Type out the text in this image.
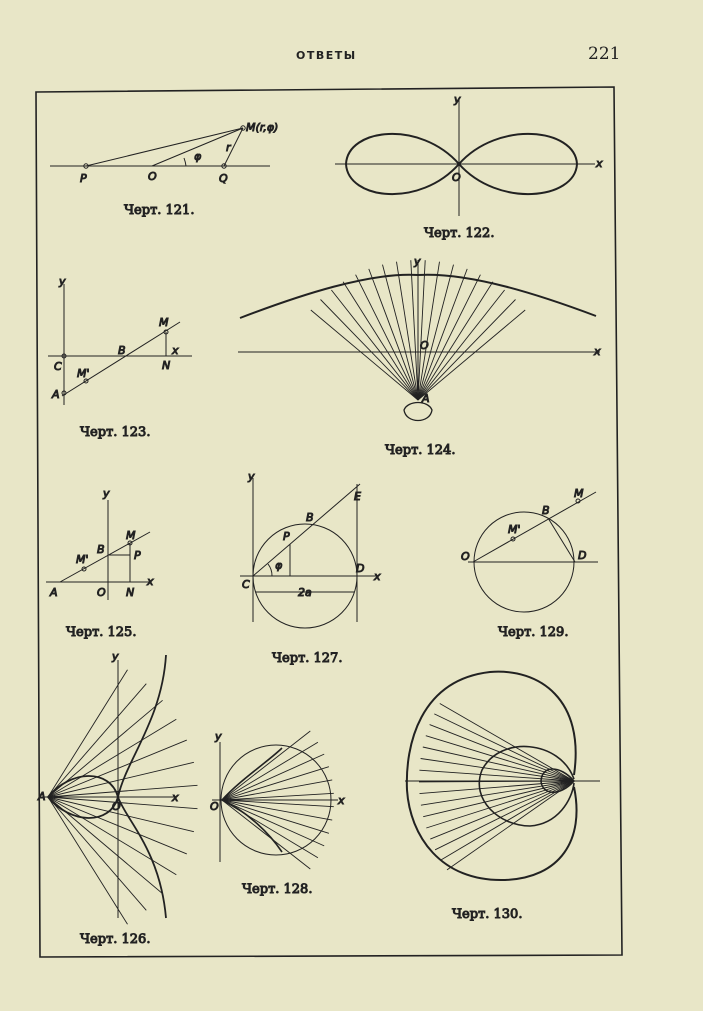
ОТВЕТЫ	221
M(r,φ)
φ
r
P	O	Q
Черт. 121.
y
x
O
Черт. 122.
y
M
B	x
C
M'
N
A
Черт. 123.
y
O	x
A
Черт. 124.
y
M
B	P
M'
x
A	O N
Черт. 125.
y
E
B
P
φ
C
D
x
2a
Черт. 127.
M
B
M'
O	D
Черт. 129.
y
A
O
x
Черт. 126.
y
O	x
Черт. 128.
Черт. 130.
